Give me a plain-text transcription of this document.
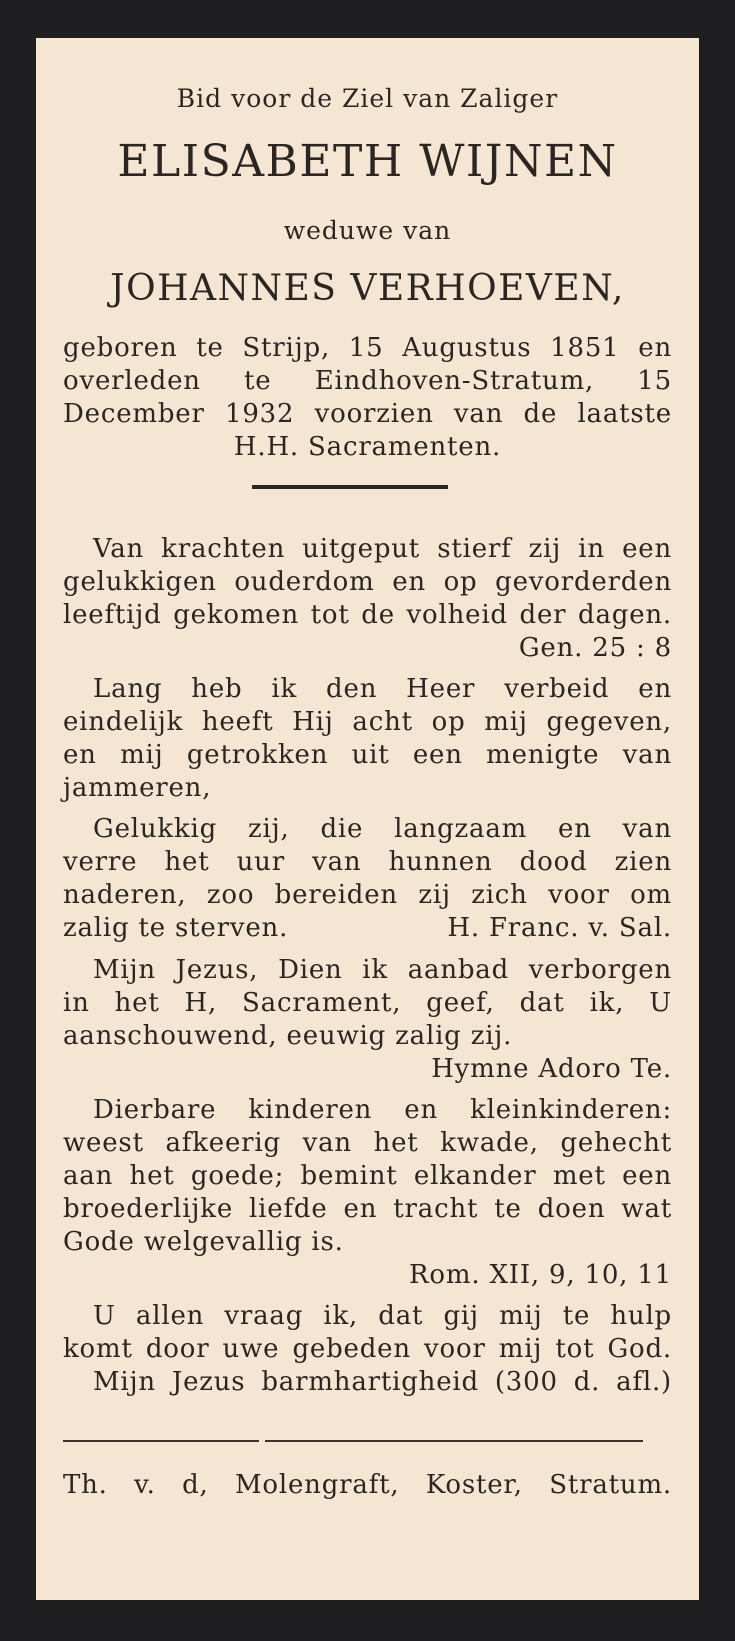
Bid voor de Ziel van Zaliger
ELISABETH WIJNEN
weduwe van
JOHANNES VERHOEVEN,
geboren te Strijp, 15 Augustus 1851 en
overleden te Eindhoven-Stratum, 15
December 1932 voorzien van de laatste
H.H. Sacramenten.
Van krachten uitgeput stierf zij in een
gelukkigen ouderdom en op gevorderden
leeftijd gekomen tot de volheid der dagen.
Gen. 25 : 8
Lang heb ik den Heer verbeid en
eindelijk heeft Hij acht op mij gegeven,
en mij getrokken uit een menigte van
jammeren,
Gelukkig zij, die langzaam en van
verre het uur van hunnen dood zien
naderen, zoo bereiden zij zich voor om
zalig te sterven.	H. Franc. v. Sal.
Mijn Jezus, Dien ik aanbad verborgen
in het H, Sacrament, geef, dat ik, U
aanschouwend, eeuwig zalig zij.
Hymne Adoro Te.
Dierbare kinderen en kleinkinderen:
weest afkeerig van het kwade, gehecht
aan het goede; bemint elkander met een
broederlijke liefde en tracht te doen wat
Gode welgevallig is.
Rom. XII, 9, 10, 11
U allen vraag ik, dat gij mij te hulp
komt door uwe gebeden voor mij tot God.
Mijn Jezus barmhartigheid (300 d. afl.)
Th. v. d, Molengraft, Koster, Stratum.
